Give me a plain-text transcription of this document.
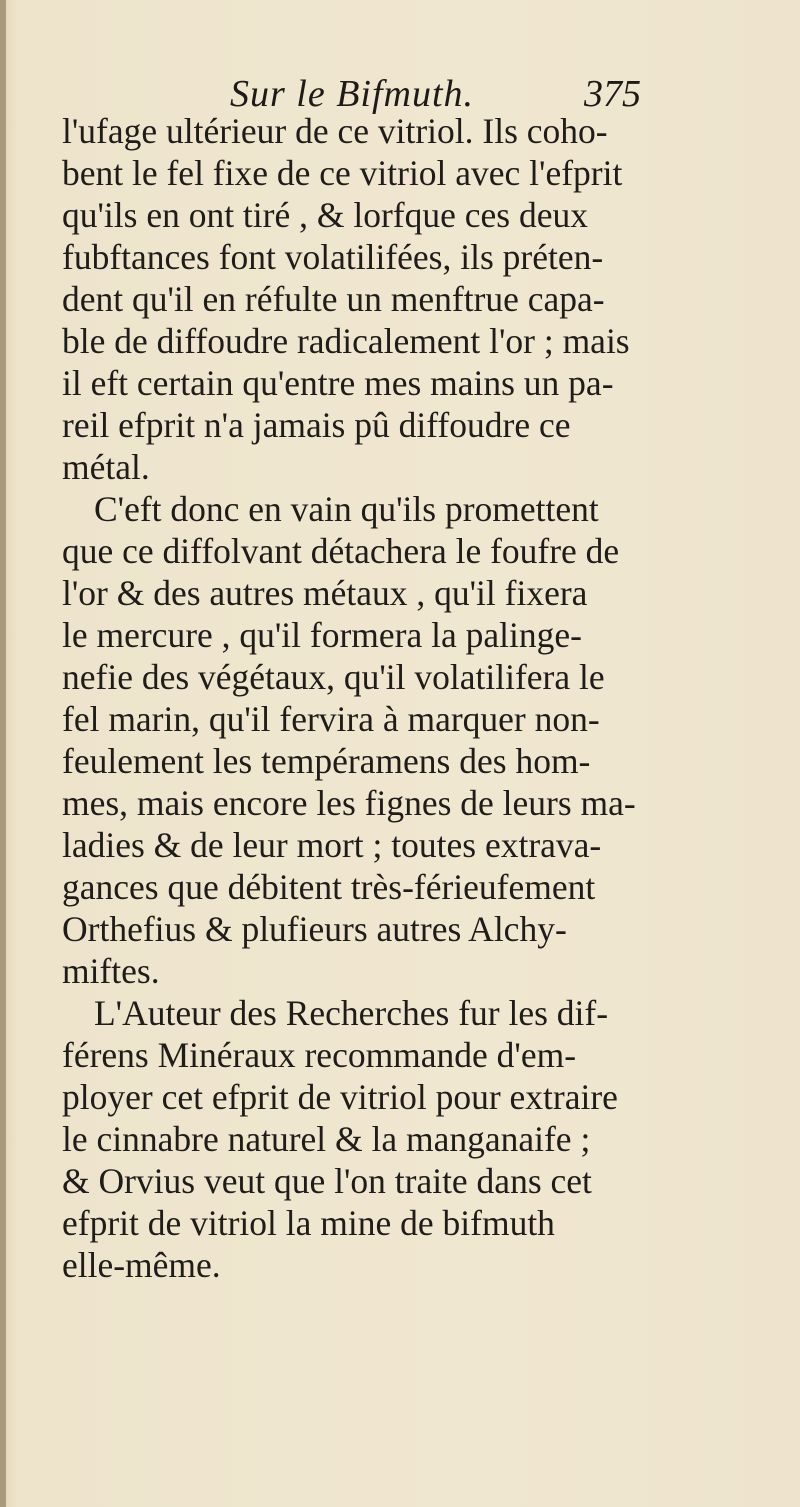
Sur le Bifmuth.	375
l'ufage ultérieur de ce vitriol. Ils coho-
bent le fel fixe de ce vitriol avec l'efprit
qu'ils en ont tiré , & lorfque ces deux
fubftances font volatilifées, ils préten-
dent qu'il en réfulte un menftrue capa-
ble de diffoudre radicalement l'or ; mais
il eft certain qu'entre mes mains un pa-
reil efprit n'a jamais pû diffoudre ce
métal.
C'eft donc en vain qu'ils promettent
que ce diffolvant détachera le foufre de
l'or & des autres métaux , qu'il fixera
le mercure , qu'il formera la palinge-
nefie des végétaux, qu'il volatilifera le
fel marin, qu'il fervira à marquer non-
feulement les tempéramens des hom-
mes, mais encore les fignes de leurs ma-
ladies & de leur mort ; toutes extrava-
gances que débitent très-férieufement
Orthefius & plufieurs autres Alchy-
miftes.
L'Auteur des Recherches fur les dif-
férens Minéraux recommande d'em-
ployer cet efprit de vitriol pour extraire
le cinnabre naturel & la manganaife ;
& Orvius veut que l'on traite dans cet
efprit de vitriol la mine de bifmuth
elle-même.
